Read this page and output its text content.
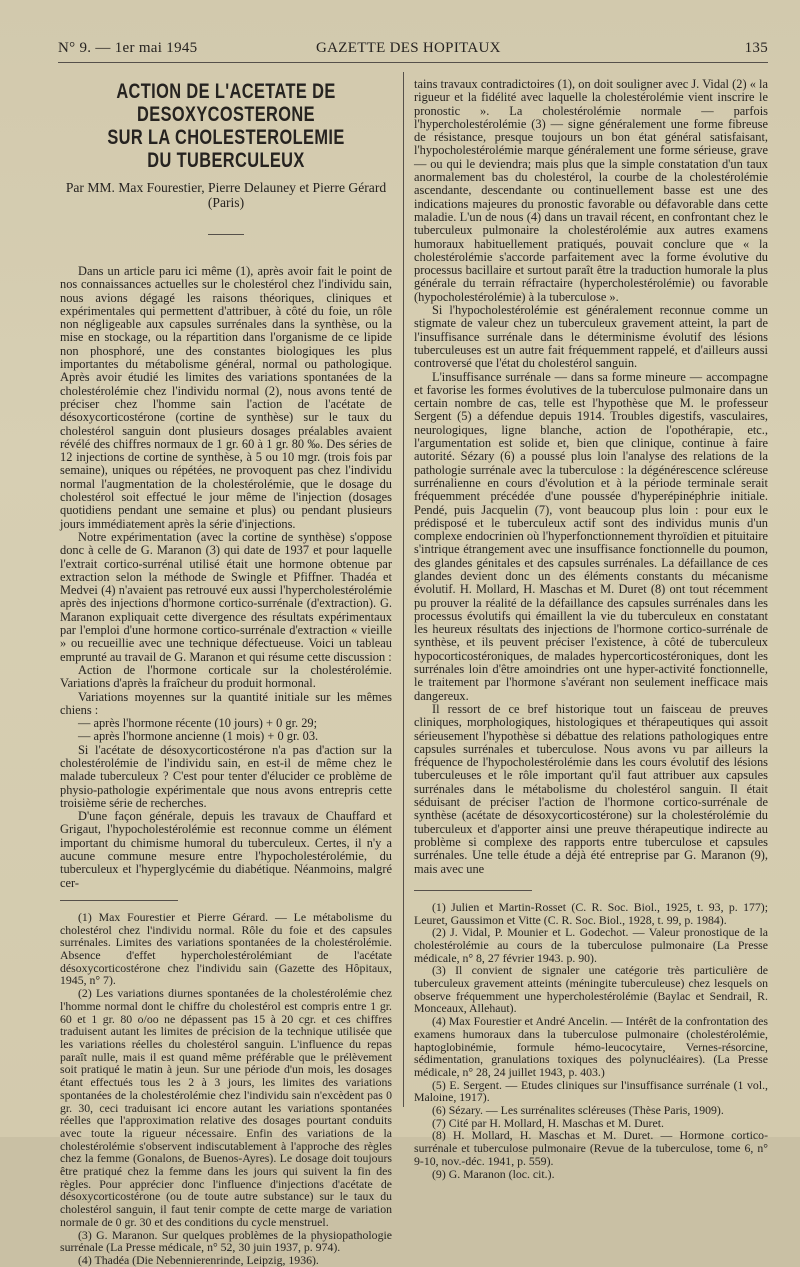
N° 9. — 1er mai 1945	GAZETTE DES HOPITAUX	135
ACTION DE L'ACETATE DE DESOXYCOSTERONE
SUR LA CHOLESTEROLEMIE DU TUBERCULEUX
Par MM. Max Fourestier, Pierre Delauney et Pierre Gérard
(Paris)

Dans un article paru ici même (1), après avoir fait le point de nos connaissances actuelles sur le cholestérol chez l'individu sain, nous avions dégagé les raisons théoriques, cliniques et expérimentales qui permettent d'attribuer, à côté du foie, un rôle non négligeable aux capsules surrénales dans la synthèse, ou la mise en stockage, ou la répartition dans l'organisme de ce lipide non phosphoré, une des constantes biologiques les plus importantes du métabolisme général, normal ou pathologique. Après avoir étudié les limites des variations spontanées de la cholestérolémie chez l'individu normal (2), nous avons tenté de préciser chez l'homme sain l'action de l'acétate de désoxycorticostérone (cortine de synthèse) sur le taux du cholestérol sanguin dont plusieurs dosages préalables avaient révélé des chiffres normaux de 1 gr. 60 à 1 gr. 80 ‰. Des séries de 12 injections de cortine de synthèse, à 5 ou 10 mgr. (trois fois par semaine), uniques ou répétées, ne provoquent pas chez l'individu normal l'augmentation de la cholestérolémie, que le dosage du cholestérol soit effectué le jour même de l'injection (dosages quotidiens pendant une semaine et plus) ou pendant plusieurs jours immédiatement après la série d'injections.

Notre expérimentation (avec la cortine de synthèse) s'oppose donc à celle de G. Maranon (3) qui date de 1937 et pour laquelle l'extrait cortico-surrénal utilisé était une hormone obtenue par extraction selon la méthode de Swingle et Pfiffner. Thadéa et Medvei (4) n'avaient pas retrouvé eux aussi l'hypercholestérolémie après des injections d'hormone cortico-surrénale (d'extraction). G. Maranon expliquait cette divergence des résultats expérimentaux par l'emploi d'une hormone cortico-surrénale d'extraction « vieille » ou recueillie avec une technique défectueuse. Voici un tableau emprunté au travail de G. Maranon et qui résume cette discussion :

Action de l'hormone corticale sur la cholestérolémie. Variations d'après la fraîcheur du produit hormonal.

Variations moyennes sur la quantité initiale sur les mêmes chiens :

— après l'hormone récente (10 jours) + 0 gr. 29;

— après l'hormone ancienne (1 mois) + 0 gr. 03.

Si l'acétate de désoxycorticostérone n'a pas d'action sur la cholestérolémie de l'individu sain, en est-il de même chez le malade tuberculeux ? C'est pour tenter d'élucider ce problème de physio-pathologie expérimentale que nous avons entrepris cette troisième série de recherches.

D'une façon générale, depuis les travaux de Chauffard et Grigaut, l'hypocholestérolémie est reconnue comme un élément important du chimisme humoral du tuberculeux. Certes, il n'y a aucune commune mesure entre l'hypocholestérolémie, du tuberculeux et l'hyperglycémie du diabétique. Néanmoins, malgré cer-

(1) Max Fourestier et Pierre Gérard. — Le métabolisme du cholestérol chez l'individu normal. Rôle du foie et des capsules surrénales. Limites des variations spontanées de la cholestérolémie. Absence d'effet hypercholestérolémiant de l'acétate désoxycorticostérone chez l'individu sain (Gazette des Hôpitaux, 1945, n° 7).

(2) Les variations diurnes spontanées de la cholestérolémie chez l'homme normal dont le chiffre du cholestérol est compris entre 1 gr. 60 et 1 gr. 80 o/oo ne dépassent pas 15 à 20 cgr. et ces chiffres traduisent autant les limites de précision de la technique utilisée que les variations réelles du cholestérol sanguin. L'influence du repas paraît nulle, mais il est quand même préférable que le prélèvement soit pratiqué le matin à jeun. Sur une période d'un mois, les dosages étant effectués tous les 2 à 3 jours, les limites des variations spontanées de la cholestérolémie chez l'individu sain n'excèdent pas 0 gr. 30, ceci traduisant ici encore autant les variations spontanées réelles que l'approximation relative des dosages pourtant conduits avec toute la rigueur nécessaire. Enfin des variations de la cholestérolémie s'observent indiscutablement à l'approche des règles chez la femme (Gonalons, de Buenos-Ayres). Le dosage doit toujours être pratiqué chez la femme dans les jours qui suivent la fin des règles. Pour apprécier donc l'influence d'injections d'acétate de désoxycorticostérone (ou de toute autre substance) sur le taux du cholestérol sanguin, il faut tenir compte de cette marge de variation normale de 0 gr. 30 et des conditions du cycle menstruel.

(3) G. Maranon. Sur quelques problèmes de la physiopathologie surrénale (La Presse médicale, n° 52, 30 juin 1937, p. 974).

(4) Thadéa (Die Nebennierenrinde, Leipzig, 1936).

tains travaux contradictoires (1), on doit souligner avec J. Vidal (2) « la rigueur et la fidélité avec laquelle la cholestérolémie vient inscrire le pronostic ». La cholestérolémie normale — parfois l'hypercholestérolémie (3) — signe généralement une forme fibreuse de résistance, presque toujours un bon état général satisfaisant, l'hypocholestérolémie marque généralement une forme sérieuse, grave — ou qui le deviendra; mais plus que la simple constatation d'un taux anormalement bas du cholestérol, la courbe de la cholestérolémie ascendante, descendante ou continuellement basse est une des indications majeures du pronostic favorable ou défavorable dans cette maladie. L'un de nous (4) dans un travail récent, en confrontant chez le tuberculeux pulmonaire la cholestérolémie aux autres examens humoraux habituellement pratiqués, pouvait conclure que « la cholestérolémie s'accorde parfaitement avec la forme évolutive du processus bacillaire et surtout paraît être la traduction humorale la plus générale du terrain réfractaire (hypercholestérolémie) ou favorable (hypocholestérolémie) à la tuberculose ».

Si l'hypocholestérolémie est généralement reconnue comme un stigmate de valeur chez un tuberculeux gravement atteint, la part de l'insuffisance surrénale dans le déterminisme évolutif des lésions tuberculeuses est un autre fait fréquemment rappelé, et d'ailleurs aussi controversé que l'état du cholestérol sanguin.

L'insuffisance surrénale — dans sa forme mineure — accompagne et favorise les formes évolutives de la tuberculose pulmonaire dans un certain nombre de cas, telle est l'hypothèse que M. le professeur Sergent (5) a défendue depuis 1914. Troubles digestifs, vasculaires, neurologiques, ligne blanche, action de l'opothérapie, etc., l'argumentation est solide et, bien que clinique, continue à faire autorité. Sézary (6) a poussé plus loin l'analyse des relations de la pathologie surrénale avec la tuberculose : la dégénérescence scléreuse surrénalienne en cours d'évolution et à la période terminale serait fréquemment précédée d'une poussée d'hyperépinéphrie initiale. Pendé, puis Jacquelin (7), vont beaucoup plus loin : pour eux le prédisposé et le tuberculeux actif sont des individus munis d'un complexe endocrinien où l'hyperfonctionnement thyroïdien et pituitaire s'intrique étrangement avec une insuffisance fonctionnelle du poumon, des glandes génitales et des capsules surrénales. La défaillance de ces glandes devient donc un des éléments constants du mécanisme évolutif. H. Mollard, H. Maschas et M. Duret (8) ont tout récemment pu prouver la réalité de la défaillance des capsules surrénales dans les processus évolutifs qui émaillent la vie du tuberculeux en constatant les heureux résultats des injections de l'hormone cortico-surrénale de synthèse, et ils peuvent préciser l'existence, à côté de tuberculeux hypocorticostéroniques, de malades hypercorticostéroniques, dont les surrénales loin d'être amoindries ont une hyper-activité fonctionnelle, le traitement par l'hormone s'avérant non seulement inefficace mais dangereux.

Il ressort de ce bref historique tout un faisceau de preuves cliniques, morphologiques, histologiques et thérapeutiques qui assoit sérieusement l'hypothèse si débattue des relations pathologiques entre capsules surrénales et tuberculose. Nous avons vu par ailleurs la fréquence de l'hypocholestérolémie dans les cours évolutif des lésions tuberculeuses et le rôle important qu'il faut attribuer aux capsules surrénales dans le métabolisme du cholestérol sanguin. Il était séduisant de préciser l'action de l'hormone cortico-surrénale de synthèse (acétate de désoxycorticostérone) sur la cholestérolémie du tuberculeux et d'apporter ainsi une preuve thérapeutique indirecte au problème si complexe des rapports entre tuberculose et capsules surrénales. Une telle étude a déjà été entreprise par G. Maranon (9), mais avec une

(1) Julien et Martin-Rosset (C. R. Soc. Biol., 1925, t. 93, p. 177); Leuret, Gaussimon et Vitte (C. R. Soc. Biol., 1928, t. 99, p. 1984).

(2) J. Vidal, P. Mounier et L. Godechot. — Valeur pronostique de la cholestérolémie au cours de la tuberculose pulmonaire (La Presse médicale, n° 8, 27 février 1943. p. 90).

(3) Il convient de signaler une catégorie très particulière de tuberculeux gravement atteints (méningite tuberculeuse) chez lesquels on observe fréquemment une hypercholestérolémie (Baylac et Sendrail, R. Monceaux, Allehaut).

(4) Max Fourestier et André Ancelin. — Intérêt de la confrontation des examens humoraux dans la tuberculose pulmonaire (cholestérolémie, haptoglobinémie, formule hémo-leucocytaire, Vernes-résorcine, sédimentation, granulations toxiques des polynucléaires). (La Presse médicale, n° 28, 24 juillet 1943, p. 403.)

(5) E. Sergent. — Etudes cliniques sur l'insuffisance surrénale (1 vol., Maloine, 1917).

(6) Sézary. — Les surrénalites scléreuses (Thèse Paris, 1909).

(7) Cité par H. Mollard, H. Maschas et M. Duret.

(8) H. Mollard, H. Maschas et M. Duret. — Hormone cortico-surrénale et tuberculose pulmonaire (Revue de la tuberculose, tome 6, n° 9-10, nov.-déc. 1941, p. 559).

(9) G. Maranon (loc. cit.).
